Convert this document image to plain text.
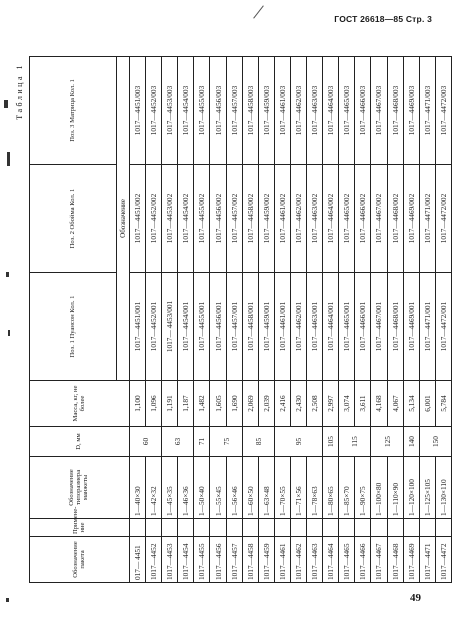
ГОСТ 26618—85 Стр. 3
49
Таблица 1
Обозначение пакета	Примене- ние	Обозначение типоразмера манжеты	D, мм	Масса, кг, не более	Поз. 1 Пуансон Кол. 1	Поз. 2 Обойма Кол. 1	Поз. 3 Матрица Кол. 1
					Обозначение		
017— 4451		1—40×30	60	1,100	1017—4451/001	1017—4451/002	1017—4451/003
1017—4452		1—42×32		1,096	1017—4452/001	1017—4452/002	1017—4452/003
1017—4453		1—45×35	63	1,191	1017— 4453/001	1017—4453/002	1017—4453/003
1017—4454		1—46×36		1,187	1017—4454/001	1017—4454/002	1017—4454/003
1017—4455		1—50×40	71	1,482	1017—4455/001	1017—4455/002	1017—4455/003
1017—4456		1—55×45	75	1,605	1017—4456/001	1017—4456/002	1017—4456/003
1017—4457		1—56×46		1,690	1017—4457/001	1017—4457/002	1017—4457/003
1017—4458		1—60×50	85	2,069	1017—4458/001	1017—4458/002	1017—4458/003
1017—4459		1—63×48		2,039	1017—4459/001	1017—4459/002	1017—4459/003
1017—4461		1—70×55	95	2,416	1017—4461/001	1017—4461/002	1017—4461/003
1017—4462		1—71×56		2,430	1017—4462/001	1017—4462/002	1017—4462/003
1017—4463		1—78×63		2,508	1017—4463/001	1017—4463/002	1017—4463/003
1017—4464		1—80×65	105	2,997	1017—4464/001	1017—4464/002	1017—4464/003
1017—4465		1—85×70	115	3,074	1017—4465/001	1017—4465/002	1017—4465/003
1017—4466		1—90×75		3,611	1017—4466/001	1017—4466/002	1017—4466/003
1017—4467		1—100×80	125	4,168	1017—4467/001	1017—4467/002	1017—4467/003
1017—4468		1—110×90		4,067	1017—4468/001	1017—4468/002	1017—4468/003
1017—4469		1—120×100	140	5,134	1017—4469/001	1017—4469/002	1017—4469/003
1017—4471		1—125×105	150	6,001	1017—4471/001	1017—4471/002	1017—4471/003
1017—4472		1—130×110		5,784	1017—4472/001	1017—4472/002	1017—4472/003
